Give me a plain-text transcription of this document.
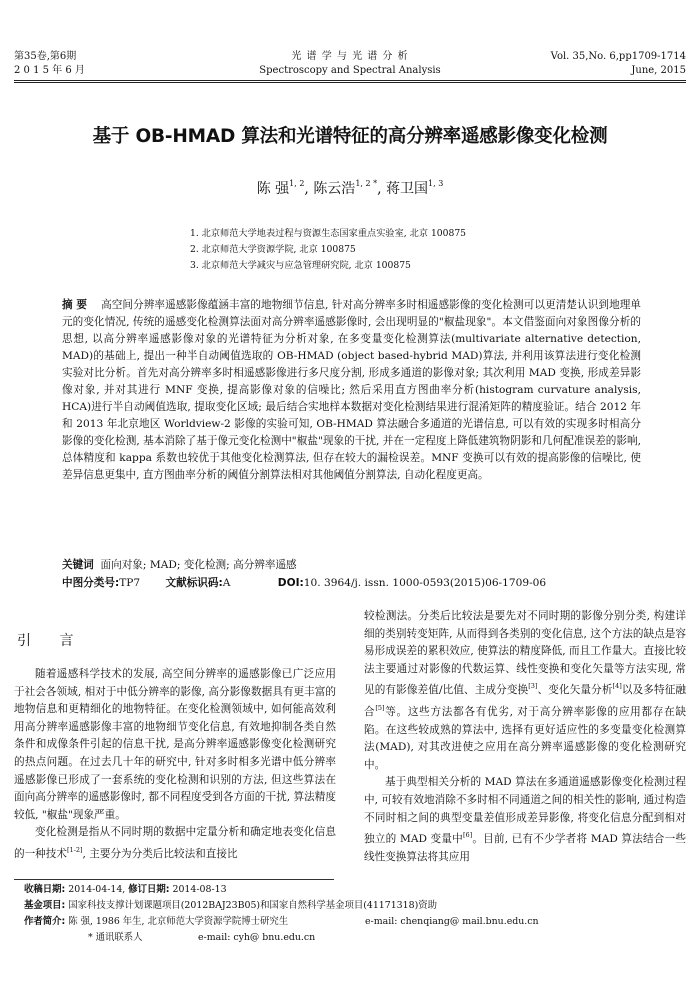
第35卷,第6期
2 0 1 5 年 6 月
光 谱 学 与 光 谱 分 析
Spectroscopy and Spectral Analysis
Vol. 35,No. 6,pp1709-1714
June, 2015
基于 OB-HMAD 算法和光谱特征的高分辨率遥感影像变化检测
陈 强$^{1, 2}$, 陈云浩$^{1, 2 *}$, 蒋卫国$^{1, 3}$
1. 北京师范大学地表过程与资源生态国家重点实验室, 北京 100875
2. 北京师范大学资源学院, 北京 100875
3. 北京师范大学减灾与应急管理研究院, 北京 100875
摘 要 高空间分辨率遥感影像蕴涵丰富的地物细节信息, 针对高分辨率多时相遥感影像的变化检测可以更清楚认识到地理单元的变化情况, 传统的遥感变化检测算法面对高分辨率遥感影像时, 会出现明显的"椒盐现象"。本文借鉴面向对象图像分析的思想, 以高分辨率遥感影像对象的光谱特征为分析对象, 在多变量变化检测算法(multivariate alternative detection, MAD)的基础上, 提出一种半自动阈值选取的 OB-HMAD (object based-hybrid MAD)算法, 并利用该算法进行变化检测实验对比分析。首先对高分辨率多时相遥感影像进行多尺度分割, 形成多通道的影像对象; 其次利用 MAD 变换, 形成差异影像对象, 并对其进行 MNF 变换, 提高影像对象的信噪比; 然后采用直方图曲率分析(histogram curvature analysis, HCA)进行半自动阈值选取, 提取变化区域; 最后结合实地样本数据对变化检测结果进行混淆矩阵的精度验证。结合 2012 年和 2013 年北京地区 Worldview-2 影像的实验可知, OB-HMAD 算法融合多通道的光谱信息, 可以有效的实现多时相高分影像的变化检测, 基本消除了基于像元变化检测中"椒盐"现象的干扰, 并在一定程度上降低建筑物阴影和几何配准误差的影响, 总体精度和 kappa 系数也较优于其他变化检测算法, 但存在较大的漏检误差。MNF 变换可以有效的提高影像的信噪比, 使差异信息更集中, 直方图曲率分析的阈值分割算法相对其他阈值分割算法, 自动化程度更高。
关键词 面向对象; MAD; 变化检测; 高分辨率遥感
中图分类号:TP7 文献标识码:A	DOI:10. 3964/j. issn. 1000-0593(2015)06-1709-06
引 言

随着遥感科学技术的发展, 高空间分辨率的遥感影像已广泛应用于社会各领域, 相对于中低分辨率的影像, 高分影像数据具有更丰富的地物信息和更精细化的地物特征。在变化检测领域中, 如何能高效利用高分辨率遥感影像丰富的地物细节变化信息, 有效地抑制各类自然条件和成像条件引起的信息干扰, 是高分辨率遥感影像变化检测研究的热点问题。在过去几十年的研究中, 针对多时相多光谱中低分辨率遥感影像已形成了一套系统的变化检测和识别的方法, 但这些算法在面向高分辨率的遥感影像时, 都不同程度受到各方面的干扰, 算法精度较低, "椒盐"现象严重。

变化检测是指从不同时期的数据中定量分析和确定地表变化信息的一种技术[1-2], 主要分为分类后比较法和直接比

较检测法。分类后比较法是要先对不同时期的影像分别分类, 构建详细的类别转变矩阵, 从而得到各类别的变化信息, 这个方法的缺点是容易形成误差的累积效应, 使算法的精度降低, 而且工作量大。直接比较法主要通过对影像的代数运算、线性变换和变化矢量等方法实现, 常见的有影像差值/比值、主成分变换[3]、变化矢量分析[4]以及多特征融合[5]等。这些方法都各有优劣, 对于高分辨率影像的应用都存在缺陷。在这些较成熟的算法中, 选择有更好适应性的多变量变化检测算法(MAD), 对其改进使之应用在高分辨率遥感影像的变化检测研究中。

基于典型相关分析的 MAD 算法在多通道遥感影像变化检测过程中, 可较有效地消除不多时相不同通道之间的相关性的影响, 通过构造不同时相之间的典型变量差值形成差异影像, 将变化信息分配到相对独立的 MAD 变量中[6]。目前, 已有不少学者将 MAD 算法结合一些线性变换算法将其应用

收稿日期: 2014-04-14, 修订日期: 2014-08-13
基金项目: 国家科技支撑计划课题项目(2012BAJ23B05)和国家自然科学基金项目(41171318)资助
作者简介: 陈 强, 1986 年生, 北京师范大学资源学院博士研究生	e-mail: chenqiang@ mail.bnu.edu.cn
* 通讯联系人	e-mail: cyh@ bnu.edu.cn
